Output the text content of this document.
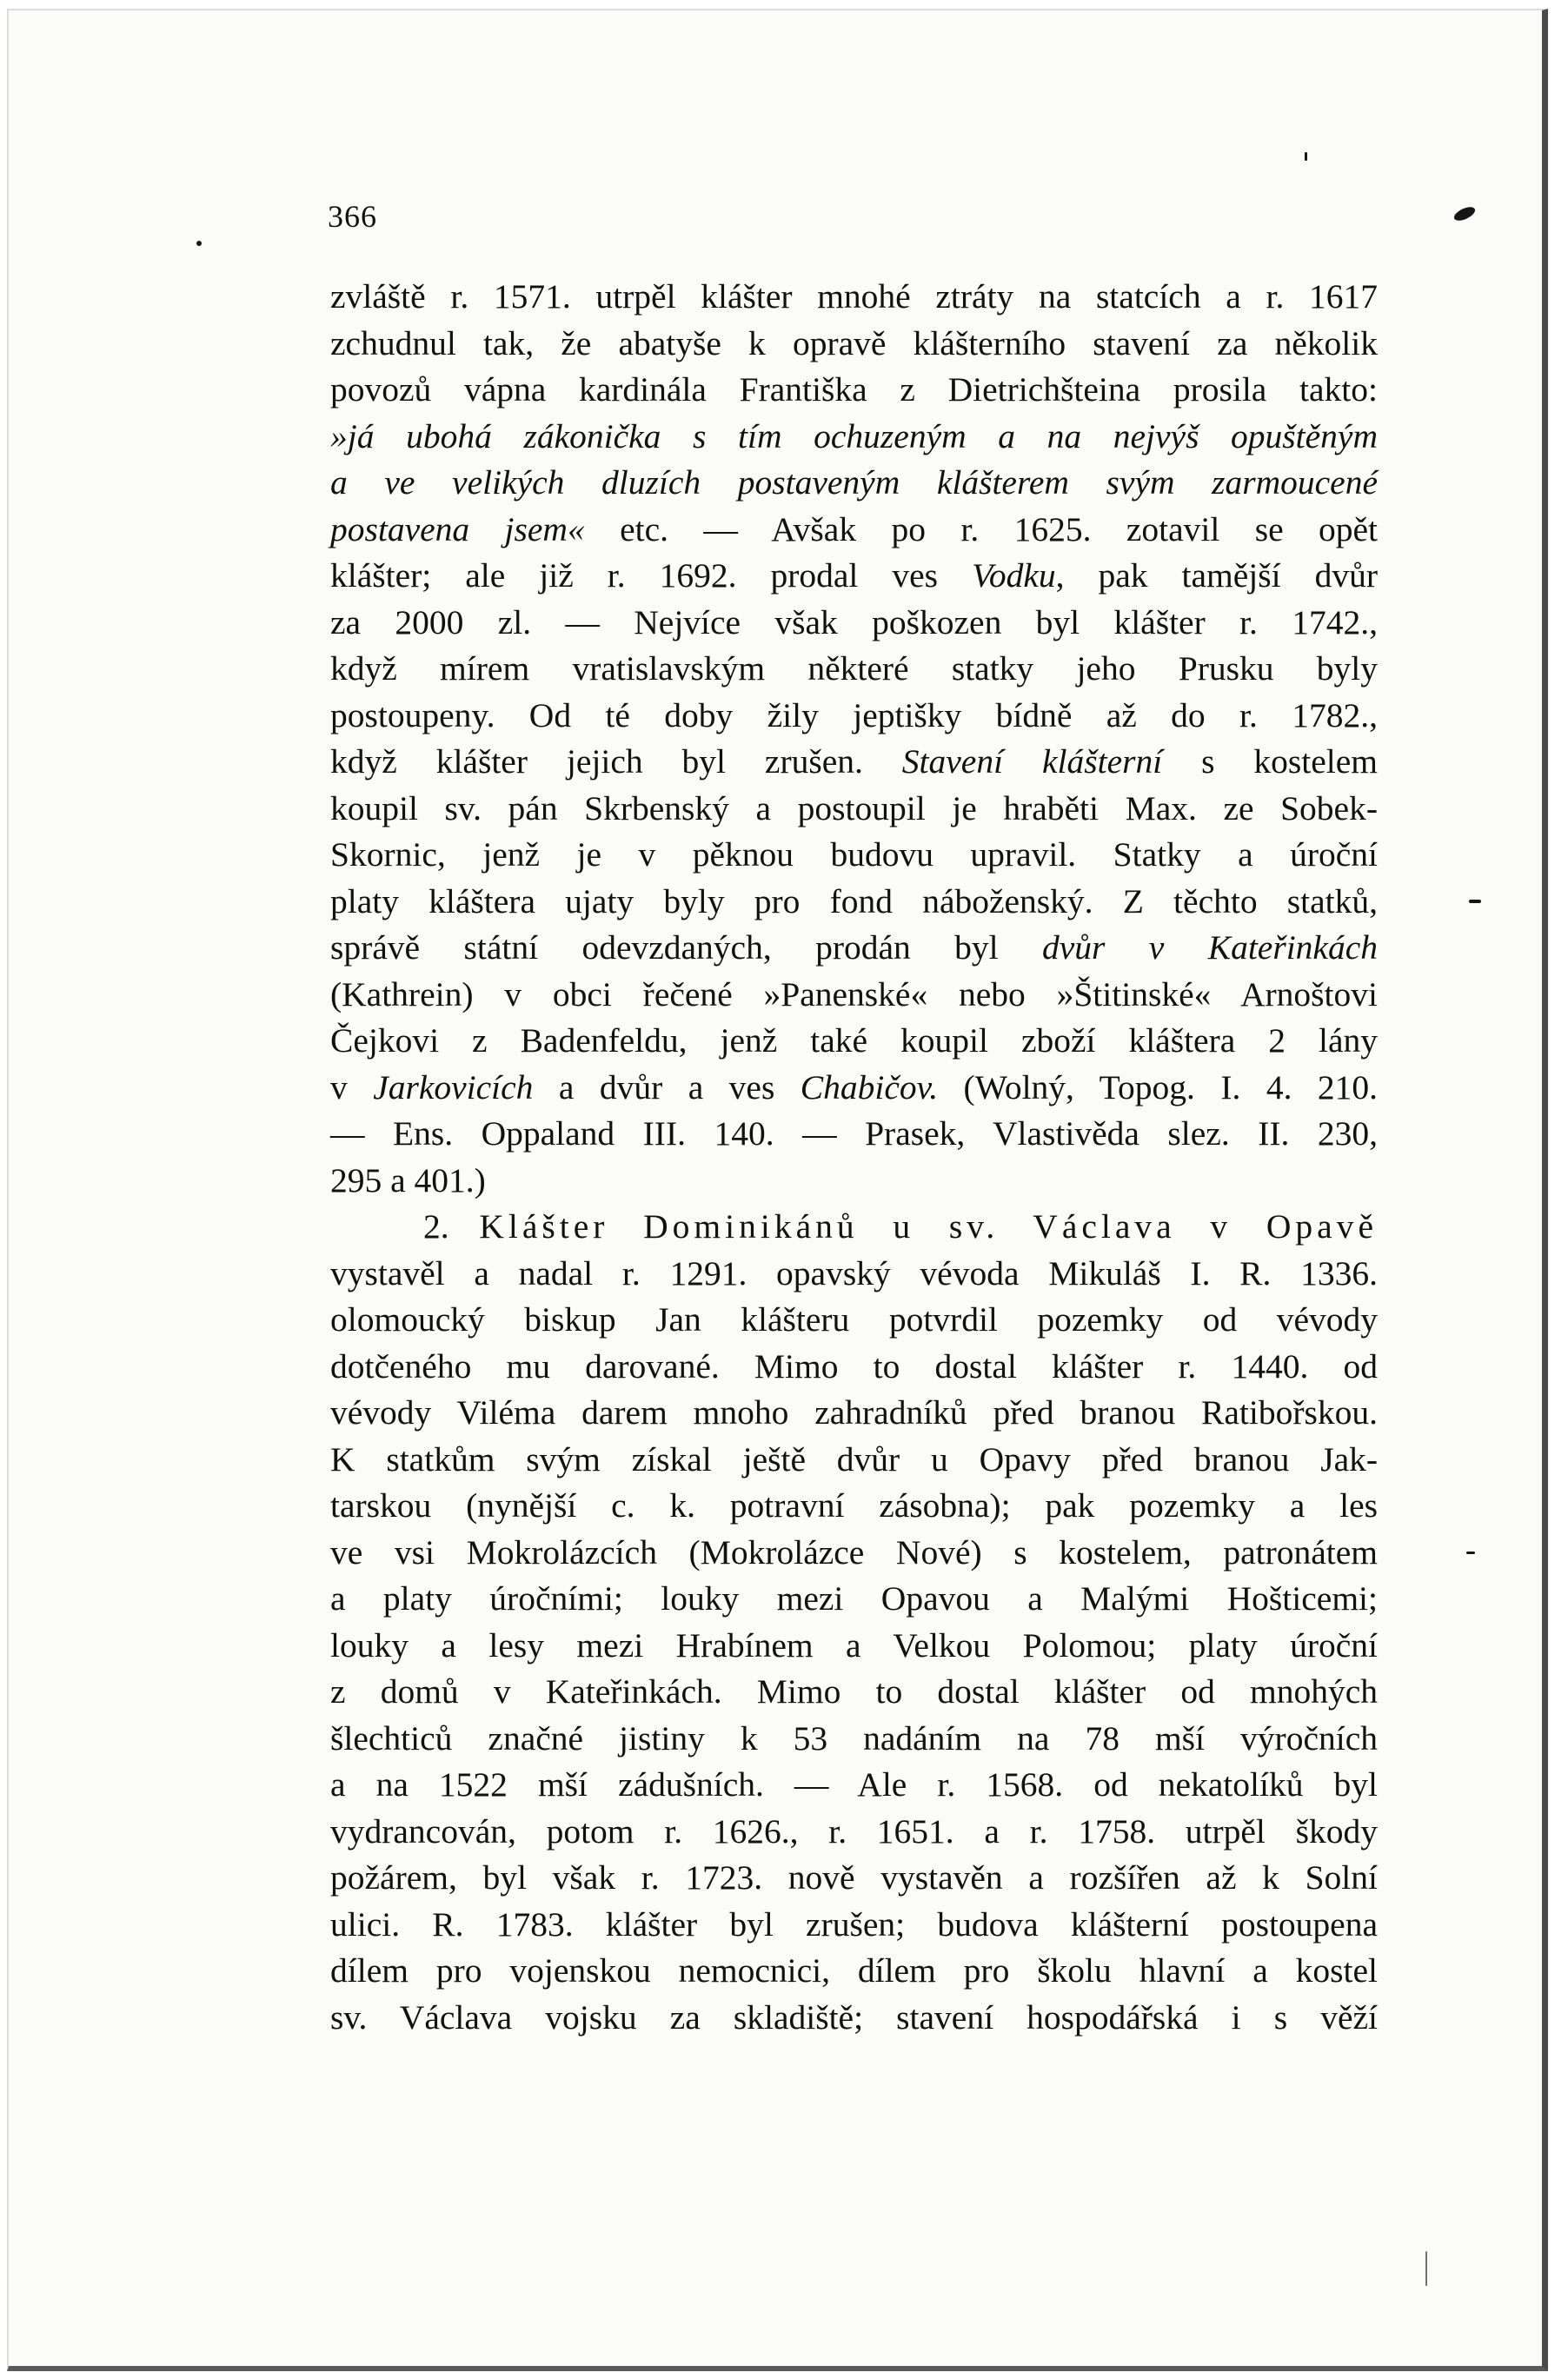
366
zvláště r. 1571. utrpěl klášter mnohé ztráty na statcích a r. 1617
zchudnul tak, že abatyše k opravě klášterního stavení za několik
povozů vápna kardinála Františka z Dietrichšteina prosila takto:
»já ubohá zákonička s tím ochuzeným a na nejvýš opuštěným
a ve velikých dluzích postaveným klášterem svým zarmoucené
postavena jsem« etc. — Avšak po r. 1625. zotavil se opět
klášter; ale již r. 1692. prodal ves Vodku, pak tamější dvůr
za 2000 zl. — Nejvíce však poškozen byl klášter r. 1742.,
když mírem vratislavským některé statky jeho Prusku byly
postoupeny. Od té doby žily jeptišky bídně až do r. 1782.,
když klášter jejich byl zrušen. Stavení klášterní s kostelem
koupil sv. pán Skrbenský a postoupil je hraběti Max. ze Sobek-
Skornic, jenž je v pěknou budovu upravil. Statky a úroční
platy kláštera ujaty byly pro fond náboženský. Z těchto statků,
správě státní odevzdaných, prodán byl dvůr v Kateřinkách
(Kathrein) v obci řečené »Panenské« nebo »Štitinské« Arnoštovi
Čejkovi z Badenfeldu, jenž také koupil zboží kláštera 2 lány
v Jarkovicích a dvůr a ves Chabičov. (Wolný, Topog. I. 4. 210.
— Ens. Oppaland III. 140. — Prasek, Vlastivěda slez. II. 230,
295 a 401.)
2. Klášter Dominikánů u sv. Václava v Opavě
vystavěl a nadal r. 1291. opavský vévoda Mikuláš I. R. 1336.
olomoucký biskup Jan klášteru potvrdil pozemky od vévody
dotčeného mu darované. Mimo to dostal klášter r. 1440. od
vévody Viléma darem mnoho zahradníků před branou Ratibořskou.
K statkům svým získal ještě dvůr u Opavy před branou Jak-
tarskou (nynější c. k. potravní zásobna); pak pozemky a les
ve vsi Mokrolázcích (Mokrolázce Nové) s kostelem, patronátem
a platy úročními; louky mezi Opavou a Malými Hošticemi;
louky a lesy mezi Hrabínem a Velkou Polomou; platy úroční
z domů v Kateřinkách. Mimo to dostal klášter od mnohých
šlechticů značné jistiny k 53 nadáním na 78 mší výročních
a na 1522 mší zádušních. — Ale r. 1568. od nekatolíků byl
vydrancován, potom r. 1626., r. 1651. a r. 1758. utrpěl škody
požárem, byl však r. 1723. nově vystavěn a rozšířen až k Solní
ulici. R. 1783. klášter byl zrušen; budova klášterní postoupena
dílem pro vojenskou nemocnici, dílem pro školu hlavní a kostel
sv. Václava vojsku za skladiště; stavení hospodářská i s věží
